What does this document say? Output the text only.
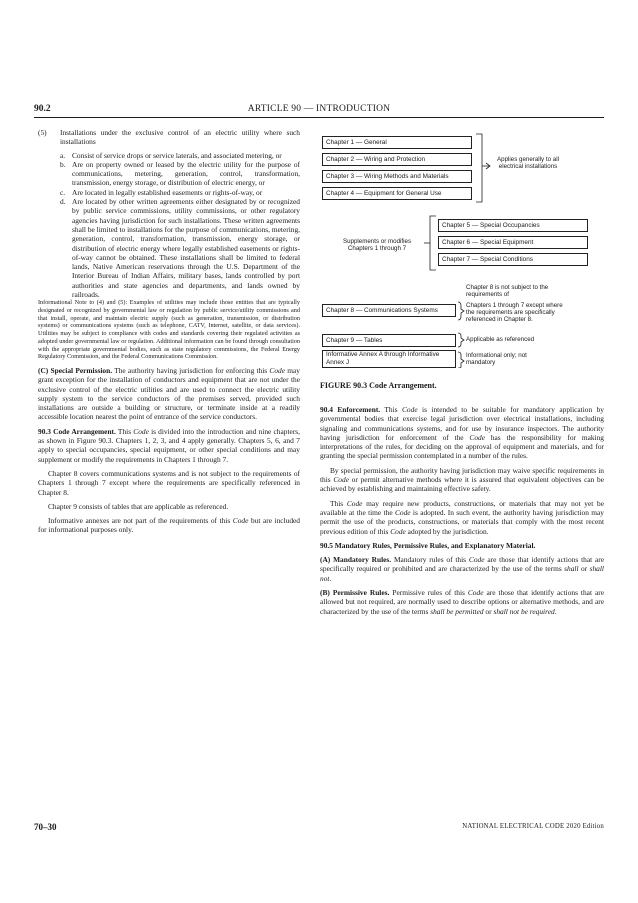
90.2	ARTICLE 90 — INTRODUCTION
(5)	Installations under the exclusive control of an electric utility where such installations
a. Consist of service drops or service laterals, and associated metering, or
b. Are on property owned or leased by the electric utility for the purpose of communications, metering, generation, control, transformation, transmission, energy storage, or distribution of electric energy, or
c. Are located in legally established easements or rights-of-way, or
d. Are located by other written agreements either designated by or recognized by public service commissions, utility commissions, or other regulatory agencies having jurisdiction for such installations. These written agreements shall be limited to installations for the purpose of communications, metering, generation, control, transformation, transmission, energy storage, or distribution of electric energy where legally established easements or rights-of-way cannot be obtained. These installations shall be limited to federal lands, Native American reservations through the U.S. Department of the Interior Bureau of Indian Affairs, military bases, lands controlled by port authorities and state agencies and departments, and lands owned by railroads.

Informational Note to (4) and (5): Examples of utilities may include those entities that are typically designated or recognized by governmental law or regulation by public service/utility commissions and that install, operate, and maintain electric supply (such as generation, transmission, or distribution systems) or communications systems (such as telephone, CATV, Internet, satellite, or data services). Utilities may be subject to compliance with codes and standards covering their regulated activities as adopted under governmental law or regulation. Additional information can be found through consultation with the appropriate governmental bodies, such as state regulatory commissions, the Federal Energy Regulatory Commission, and the Federal Communications Commission.

(C) Special Permission. The authority having jurisdiction for enforcing this Code may grant exception for the installation of conductors and equipment that are not under the exclusive control of the electric utilities and are used to connect the electric utility supply system to the service conductors of the premises served, provided such installations are outside a building or structure, or terminate inside at a readily accessible location nearest the point of entrance of the service conductors.

90.3 Code Arrangement. This Code is divided into the introduction and nine chapters, as shown in Figure 90.3. Chapters 1, 2, 3, and 4 apply generally. Chapters 5, 6, and 7 apply to special occupancies, special equipment, or other special conditions and may supplement or modify the requirements in Chapters 1 through 7.

Chapter 8 covers communications systems and is not subject to the requirements of Chapters 1 through 7 except where the requirements are specifically referenced in Chapter 8.

Chapter 9 consists of tables that are applicable as referenced.

Informative annexes are not part of the requirements of this Code but are included for informational purposes only.

Chapter 1 — General
Chapter 2 — Wiring and Protection
Chapter 3 — Wiring Methods and Materials
Chapter 4 — Equipment for General Use
Applies generally to all electrical installations
Chapter 5 — Special Occupancies
Chapter 6 — Special Equipment
Chapter 7 — Special Conditions
Supplements or modifies Chapters 1 through 7
Chapter 8 is not subject to the requirements of
Chapter 8 — Communications Systems
Chapters 1 through 7 except where the requirements are specifically referenced in Chapter 8.
Chapter 9 — Tables	Applicable as referenced
Informative Annex A through Informative Annex J
Informational only; not mandatory
FIGURE 90.3 Code Arrangement.

90.4 Enforcement. This Code is intended to be suitable for mandatory application by governmental bodies that exercise legal jurisdiction over electrical installations, including signaling and communications systems, and for use by insurance inspectors. The authority having jurisdiction for enforcement of the Code has the responsibility for making interpretations of the rules, for deciding on the approval of equipment and materials, and for granting the special permission contemplated in a number of the rules.

By special permission, the authority having jurisdiction may waive specific requirements in this Code or permit alternative methods where it is assured that equivalent objectives can be achieved by establishing and maintaining effective safety.

This Code may require new products, constructions, or materials that may not yet be available at the time the Code is adopted. In such event, the authority having jurisdiction may permit the use of the products, constructions, or materials that comply with the most recent previous edition of this Code adopted by the jurisdiction.

90.5 Mandatory Rules, Permissive Rules, and Explanatory Material.

(A) Mandatory Rules. Mandatory rules of this Code are those that identify actions that are specifically required or prohibited and are characterized by the use of the terms shall or shall not.

(B) Permissive Rules. Permissive rules of this Code are those that identify actions that are allowed but not required, are normally used to describe options or alternative methods, and are characterized by the use of the terms shall be permitted or shall not be required.

70–30	NATIONAL ELECTRICAL CODE 2020 Edition
